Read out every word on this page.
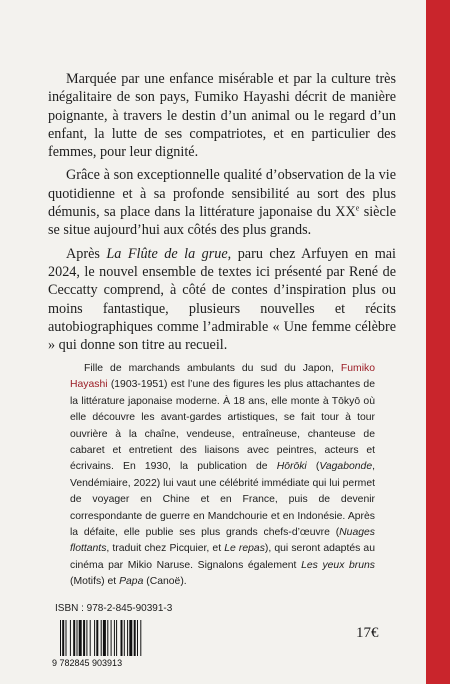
Marquée par une enfance misérable et par la culture très inégalitaire de son pays, Fumiko Hayashi décrit de manière poignante, à travers le destin d’un animal ou le regard d’un enfant, la lutte de ses compatriotes, et en particulier des femmes, pour leur dignité.

Grâce à son exceptionnelle qualité d’observation de la vie quotidienne et à sa profonde sensibilité au sort des plus démunis, sa place dans la littérature japonaise du XXe siècle se situe aujourd’hui aux côtés des plus grands.

Après La Flûte de la grue, paru chez Arfuyen en mai 2024, le nouvel ensemble de textes ici présenté par René de Ceccatty comprend, à côté de contes d’inspiration plus ou moins fantastique, plusieurs nouvelles et récits autobiographiques comme l’admirable « Une femme célèbre » qui donne son titre au recueil.

Fille de marchands ambulants du sud du Japon, Fumiko Hayashi (1903-1951) est l’une des figures les plus attachantes de la littérature japonaise moderne. À 18 ans, elle monte à Tōkyō où elle découvre les avant-gardes artistiques, se fait tour à tour ouvrière à la chaîne, vendeuse, entraîneuse, chanteuse de cabaret et entretient des liaisons avec peintres, acteurs et écrivains. En 1930, la publication de Hōrōki (Vagabonde, Vendémiaire, 2022) lui vaut une célébrité immédiate qui lui permet de voyager en Chine et en France, puis de devenir correspondante de guerre en Mandchourie et en Indonésie. Après la défaite, elle publie ses plus grands chefs-d’œuvre (Nuages flottants, traduit chez Picquier, et Le repas), qui seront adaptés au cinéma par Mikio Naruse. Signalons également Les yeux bruns (Motifs) et Papa (Canoë).

ISBN : 978-2-845-90391-3
9 782845 903913
17€
